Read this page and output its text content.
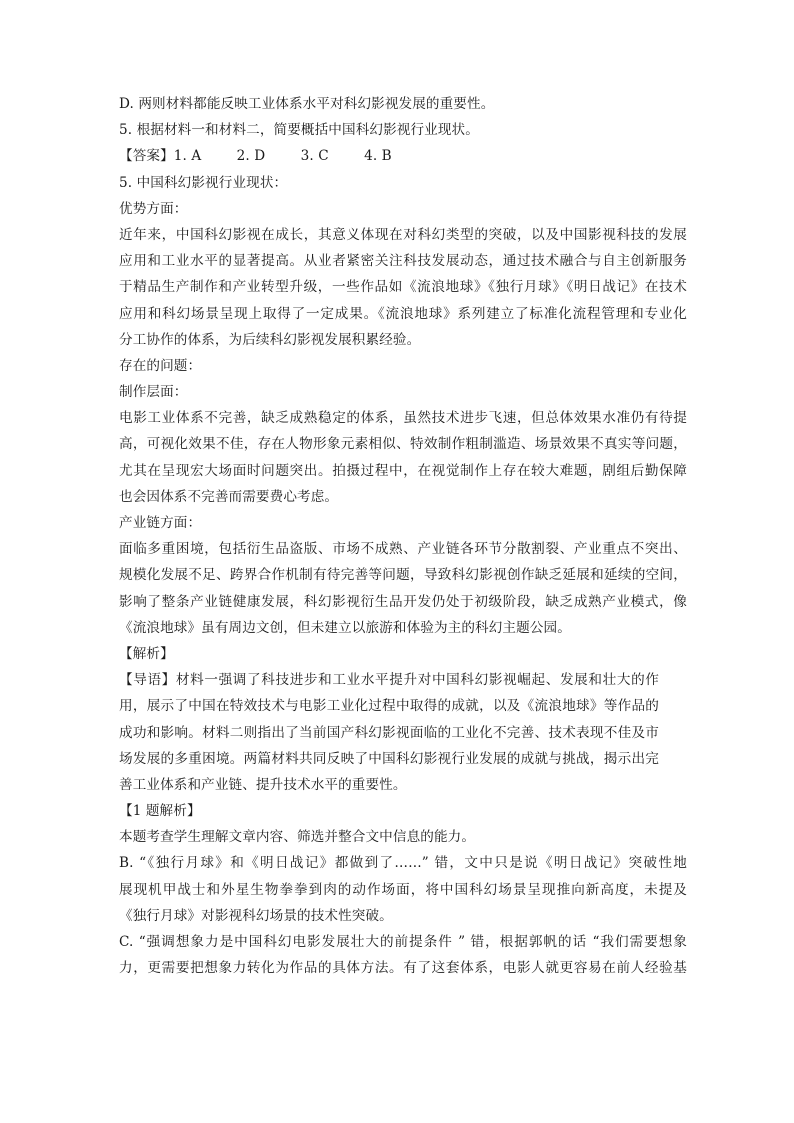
D. 两则材料都能反映工业体系水平对科幻影视发展的重要性。
5. 根据材料一和材料二，简要概括中国科幻影视行业现状。
【答案】1. A        2. D        3. C        4. B
5. 中国科幻影视行业现状：
优势方面：
近年来，中国科幻影视在成长，其意义体现在对科幻类型的突破，以及中国影视科技的发展
应用和工业水平的显著提高。从业者紧密关注科技发展动态，通过技术融合与自主创新服务
于精品生产制作和产业转型升级，一些作品如《流浪地球》《独行月球》《明日战记》在技术
应用和科幻场景呈现上取得了一定成果。《流浪地球》系列建立了标准化流程管理和专业化
分工协作的体系，为后续科幻影视发展积累经验。
存在的问题：
制作层面：
电影工业体系不完善，缺乏成熟稳定的体系，虽然技术进步飞速，但总体效果水准仍有待提
高，可视化效果不佳，存在人物形象元素相似、特效制作粗制滥造、场景效果不真实等问题，
尤其在呈现宏大场面时问题突出。拍摄过程中，在视觉制作上存在较大难题，剧组后勤保障
也会因体系不完善而需要费心考虑。
产业链方面：
面临多重困境，包括衍生品盗版、市场不成熟、产业链各环节分散割裂、产业重点不突出、
规模化发展不足、跨界合作机制有待完善等问题，导致科幻影视创作缺乏延展和延续的空间，
影响了整条产业链健康发展，科幻影视衍生品开发仍处于初级阶段，缺乏成熟产业模式，像
《流浪地球》虽有周边文创，但未建立以旅游和体验为主的科幻主题公园。
【解析】
【导语】材料一强调了科技进步和工业水平提升对中国科幻影视崛起、发展和壮大的作
用，展示了中国在特效技术与电影工业化过程中取得的成就，以及《流浪地球》等作品的
成功和影响。材料二则指出了当前国产科幻影视面临的工业化不完善、技术表现不佳及市
场发展的多重困境。两篇材料共同反映了中国科幻影视行业发展的成就与挑战，揭示出完
善工业体系和产业链、提升技术水平的重要性。
【1 题解析】
本题考查学生理解文章内容、筛选并整合文中信息的能力。
B. “《独行月球》和《明日战记》都做到了……” 错，文中只是说《明日战记》突破性地
展现机甲战士和外星生物拳拳到肉的动作场面，将中国科幻场景呈现推向新高度，未提及
《独行月球》对影视科幻场景的技术性突破。
C. “强调想象力是中国科幻电影发展壮大的前提条件 ” 错，根据郭帆的话 “我们需要想象
力，更需要把想象力转化为作品的具体方法。有了这套体系，电影人就更容易在前人经验基
